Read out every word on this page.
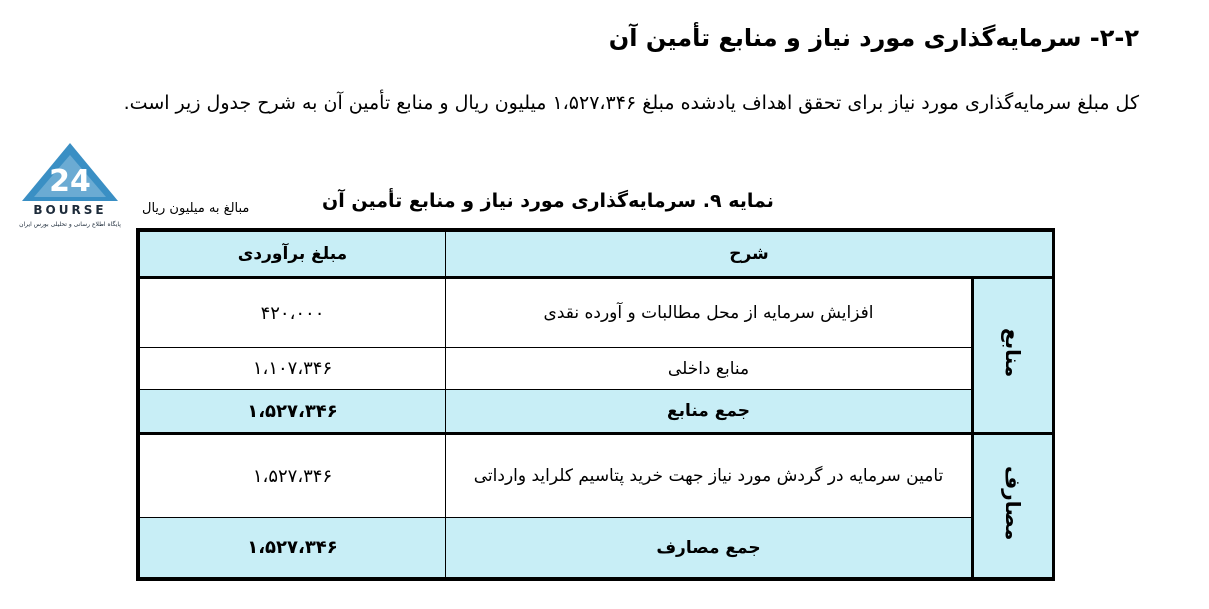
۲-۲- سرمایه‌گذاری مورد نیاز و منابع تأمین آن
کل مبلغ سرمایه‌گذاری مورد نیاز برای تحقق اهداف یادشده مبلغ ۱،۵۲۷،۳۴۶ میلیون ریال و منابع تأمین آن به شرح جدول زیر است.
24
BOURSE
پایگاه اطلاع رسانی و تحلیلی بورس ایران
مبالغ به میلیون ریال	نمایه ۹. سرمایه‌گذاری مورد نیاز و منابع تأمین آن
شرح		مبلغ برآوردی
منابع	افزایش سرمایه از محل مطالبات و آورده نقدی	۴۲۰،۰۰۰
	منابع داخلی	۱،۱۰۷،۳۴۶
	جمع منابع	۱،۵۲۷،۳۴۶
مصارف	تامین سرمایه در گردش مورد نیاز جهت خرید پتاسیم کلراید وارداتی	۱،۵۲۷،۳۴۶
	جمع مصارف	۱،۵۲۷،۳۴۶
